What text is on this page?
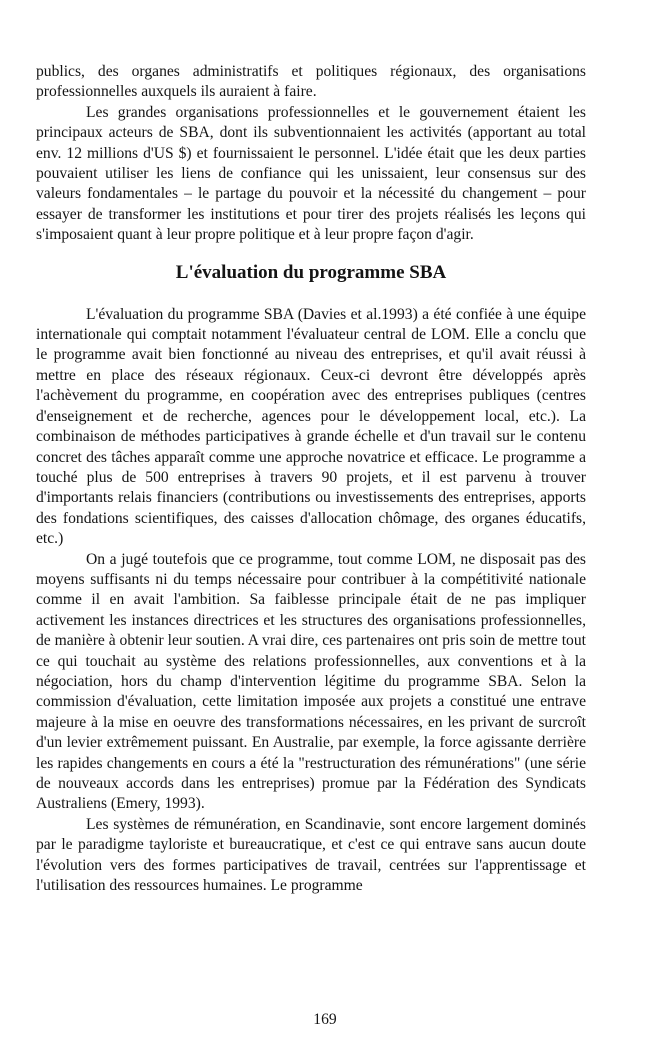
publics, des organes administratifs et politiques régionaux, des organisations professionnelles auxquels ils auraient à faire.

Les grandes organisations professionnelles et le gouvernement étaient les principaux acteurs de SBA, dont ils subventionnaient les activités (apportant au total env. 12 millions d'US $) et fournissaient le personnel. L'idée était que les deux parties pouvaient utiliser les liens de confiance qui les unissaient, leur consensus sur des valeurs fondamentales – le partage du pouvoir et la nécessité du changement – pour essayer de transformer les institutions et pour tirer des projets réalisés les leçons qui s'imposaient quant à leur propre politique et à leur propre façon d'agir.

L'évaluation du programme SBA

L'évaluation du programme SBA (Davies et al.1993) a été confiée à une équipe internationale qui comptait notamment l'évaluateur central de LOM. Elle a conclu que le programme avait bien fonctionné au niveau des entreprises, et qu'il avait réussi à mettre en place des réseaux régionaux. Ceux-ci devront être développés après l'achèvement du programme, en coopération avec des entreprises publiques (centres d'enseignement et de recherche, agences pour le développement local, etc.). La combinaison de méthodes participatives à grande échelle et d'un travail sur le contenu concret des tâches apparaît comme une approche novatrice et efficace. Le programme a touché plus de 500 entreprises à travers 90 projets, et il est parvenu à trouver d'importants relais financiers (contributions ou investissements des entreprises, apports des fondations scientifiques, des caisses d'allocation chômage, des organes éducatifs, etc.)

On a jugé toutefois que ce programme, tout comme LOM, ne disposait pas des moyens suffisants ni du temps nécessaire pour contribuer à la compétitivité nationale comme il en avait l'ambition. Sa faiblesse principale était de ne pas impliquer activement les instances directrices et les structures des organisations professionnelles, de manière à obtenir leur soutien. A vrai dire, ces partenaires ont pris soin de mettre tout ce qui touchait au système des relations professionnelles, aux conventions et à la négociation, hors du champ d'intervention légitime du programme SBA. Selon la commission d'évaluation, cette limitation imposée aux projets a constitué une entrave majeure à la mise en oeuvre des transformations nécessaires, en les privant de surcroît d'un levier extrêmement puissant. En Australie, par exemple, la force agissante derrière les rapides changements en cours a été la "restructuration des rémunérations" (une série de nouveaux accords dans les entreprises) promue par la Fédération des Syndicats Australiens (Emery, 1993).

Les systèmes de rémunération, en Scandinavie, sont encore largement dominés par le paradigme tayloriste et bureaucratique, et c'est ce qui entrave sans aucun doute l'évolution vers des formes participatives de travail, centrées sur l'apprentissage et l'utilisation des ressources humaines. Le programme

169
